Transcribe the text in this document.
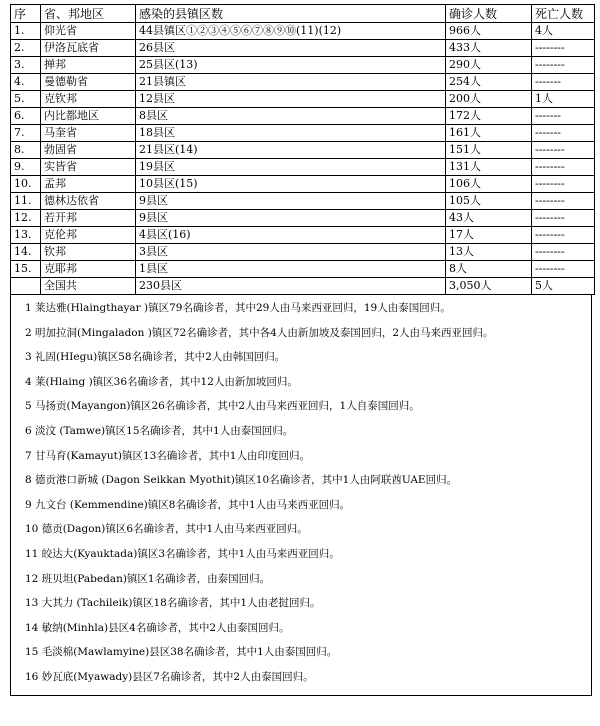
序	省、邦地区	感染的县镇区数	确诊人数	死亡人数
1.	仰光省	44县镇区①②③④⑤⑥⑦⑧⑨⑩(11)(12)	966人	4人
2.	伊洛瓦底省	26县区	433人	--------
3.	掸邦	25县区(13)	290人	--------
4.	曼德勒省	21县镇区	254人	-------
5.	克钦邦	12县区	200人	1人
6.	内比都地区	8县区	172人	-------
7.	马奎省	18县区	161人	-------
8.	勃固省	21县区(14)	151人	--------
9.	实皆省	19县区	131人	--------
10.	孟邦	10县区(15)	106人	--------
11.	德林达依省	9县区	105人	--------
12.	若开邦	9县区	43人	--------
13.	克伦邦	4县区(16)	17人	--------
14.	钦邦	3县区	13人	--------
15.	克耶邦	1县区	8人	--------
	全国共	230县区	3,050人	5人
1 莱达雅(Hlaingthayar )镇区79名确诊者，其中29人由马来西亚回归，19人由泰国回归。
2 明加拉洞(Mingaladon )镇区72名确诊者，其中各4人由新加坡及泰国回归，2人由马来西亚回归。
3 礼固(HIegu)镇区58名确诊者，其中2人由韩国回归。
4 莱(Hlaing )镇区36名确诊者，其中12人由新加坡回归。
5 马扬贡(Mayangon)镇区26名确诊者，其中2人由马来西亚回归，1人自泰国回归。
6 淡汶 (Tamwe)镇区15名确诊者，其中1人由泰国回归。
7 甘马育(Kamayut)镇区13名确诊者，其中1人由印度回归。
8 德贡港口新城 (Dagon Seikkan Myothit)镇区10名确诊者，其中1人由阿联酋UAE回归。
9 九文台 (Kemmendine)镇区8名确诊者，其中1人由马来西亚回归。
10 德贡(Dagon)镇区6名确诊者，其中1人由马来西亚回归。
11 皎达大(Kyauktada)镇区3名确诊者，其中1人由马来西亚回归。
12 班贝坦(Pabedan)镇区1名确诊者，由泰国回归。
13 大其力 (Tachileik)镇区18名确诊者，其中1人由老挝回归。
14 敏纳(Minhla)县区4名确诊者，其中2人由泰国回归。
15 毛淡棉(Mawlamyine)县区38名确诊者，其中1人由泰国回归。
16 妙瓦底(Myawady)县区7名确诊者，其中2人由泰国回归。
